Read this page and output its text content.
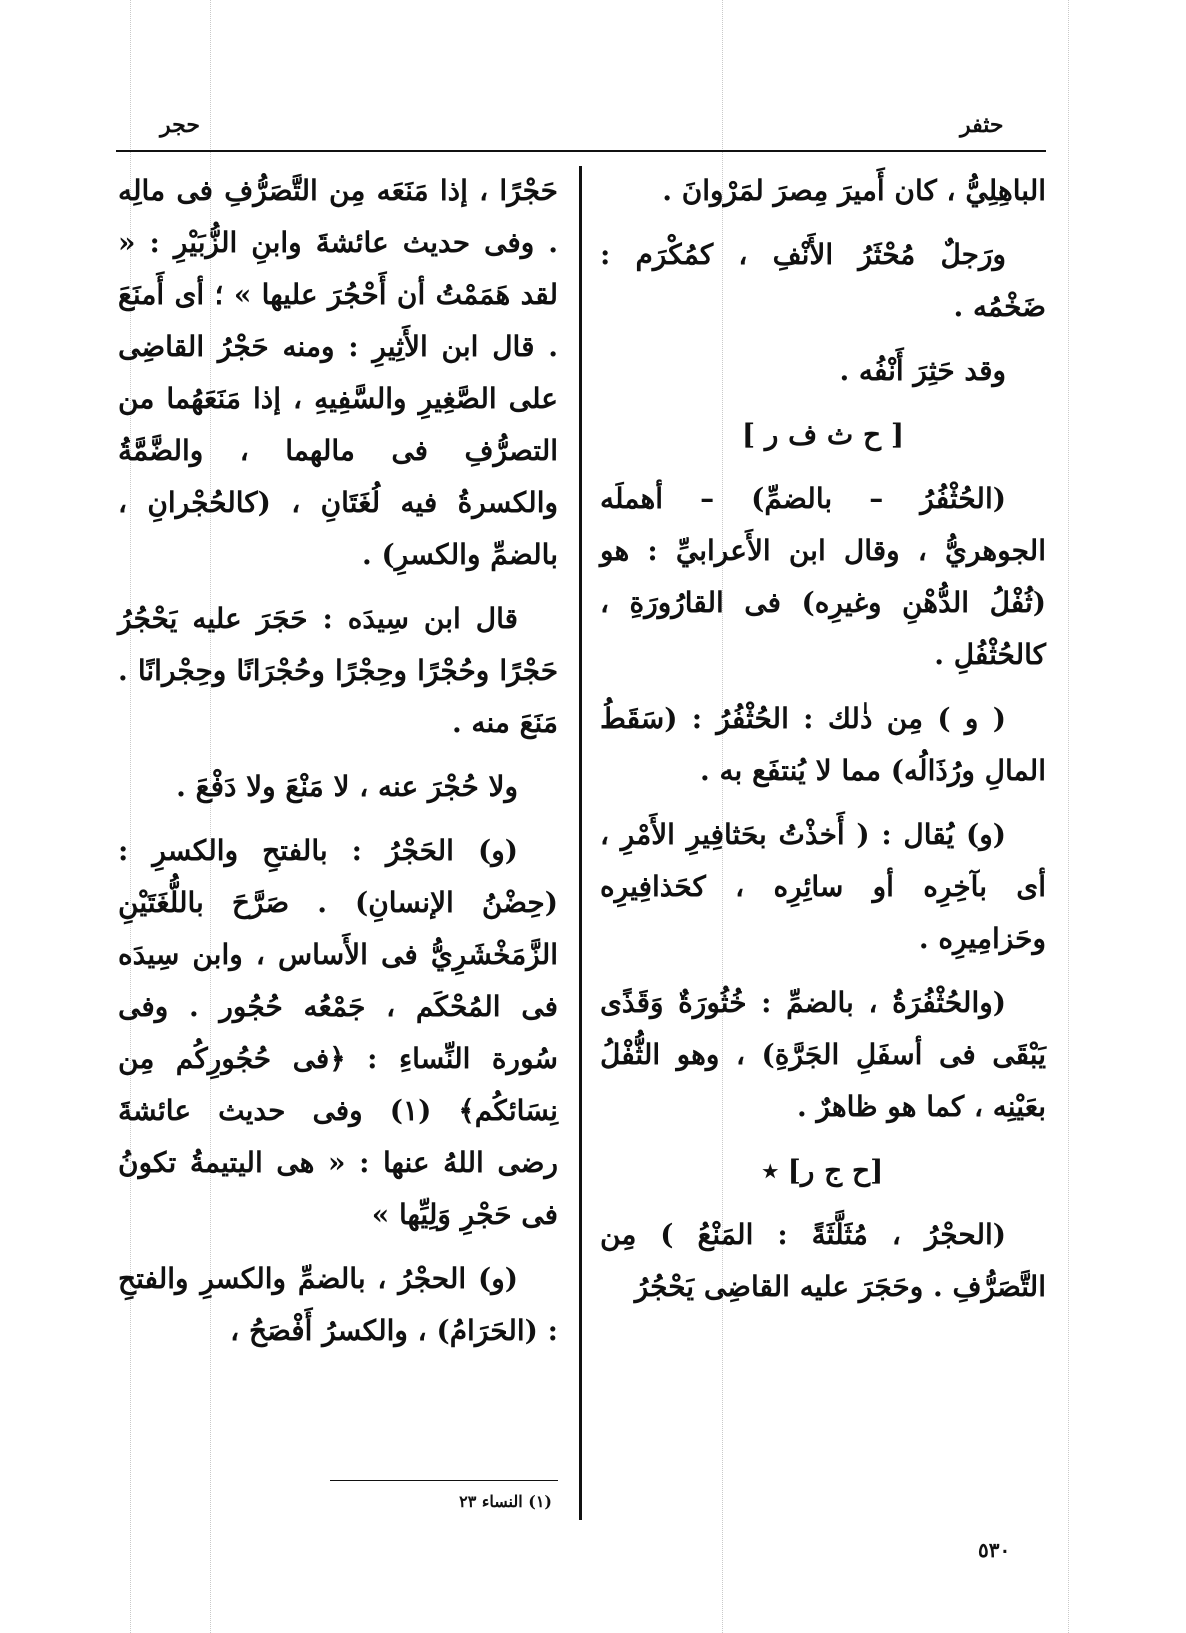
حجر	حثفر

الباهِلِيُّ ، كان أَميرَ مِصرَ لمَرْوانَ .

ورَجلٌ مُحْثَرُ الأَنْفِ ، كمُكْرَم : ضَخْمُه .

وقد حَثِرَ أَنْفُه .

[ ح ث ف ر ]

(الحُثْفُرُ – بالضمِّ) – أهملَه الجوهريُّ ، وقال ابن الأَعرابيِّ : هو (ثُفْلُ الدُّهْنِ وغيرِه) فى القارُورَةِ ، كالحُثْفُلِ .

( و ) مِن ذٰلك : الحُثْفُرُ : (سَقَطُ المالِ ورُذَالُه) مما لا يُنتفَع به .

(و) يُقال : ( أَخذْتُ بحَثافِيرِ الأَمْرِ ، أى بآخِرِه أو سائِرِه ، كحَذافِيرِه وحَزامِيرِه .

(والحُثْفُرَةُ ، بالضمِّ : خُثُورَةٌ وَقَذًى يَبْقَى فى أسفَلِ الجَرَّةِ) ، وهو الثُّفْلُ بعَيْنِه ، كما هو ظاهرٌ .

[ح ج ر] ٭

(الحجْرُ ، مُثَلَّثَةً : المَنْعُ ) مِن التَّصَرُّفِ . وحَجَرَ عليه القاضِى يَحْجُرُ

حَجْرًا ، إذا مَنَعَه مِن التَّصَرُّفِ فى مالِه . وفى حديث عائشةَ وابنِ الزُّبَيْرِ : « لقد هَمَمْتُ أن أَحْجُرَ عليها » ؛ أى أَمنَعَ . قال ابن الأَثِيرِ : ومنه حَجْرُ القاضِى على الصَّغِيرِ والسَّفِيهِ ، إذا مَنَعَهُما من التصرُّفِ فى مالهما ، والضَّمَّةُ والكسرةُ فيه لُغَتَانِ ، (كالحُجْرانِ ، بالضمِّ والكسرِ) .

قال ابن سِيدَه : حَجَرَ عليه يَحْجُرُ حَجْرًا وحُجْرًا وحِجْرًا وحُجْرَانًا وحِجْرانًا . مَنَعَ منه .

ولا حُجْرَ عنه ، لا مَنْعَ ولا دَفْعَ .

(و) الحَجْرُ : بالفتحِ والكسرِ : (حِضْنُ الإنسانِ) . صَرَّحَ باللُّغَتَيْنِ الزَّمَخْشَرِيُّ فى الأَساس ، وابن سِيدَه فى المُحْكَم ، جَمْعُه حُجُور . وفى سُورة النِّساءِ : ﴿فى حُجُورِكُم مِن نِسَائكُم﴾ (١) وفى حديث عائشةَ رضى اللهُ عنها : « هى اليتيمةُ تكونُ فى حَجْرِ وَلِيِّها »

(و) الحجْرُ ، بالضمِّ والكسرِ والفتحِ : (الحَرَامُ) ، والكسرُ أَفْصَحُ ،

(١) النساء ٢٣
٥٣٠
